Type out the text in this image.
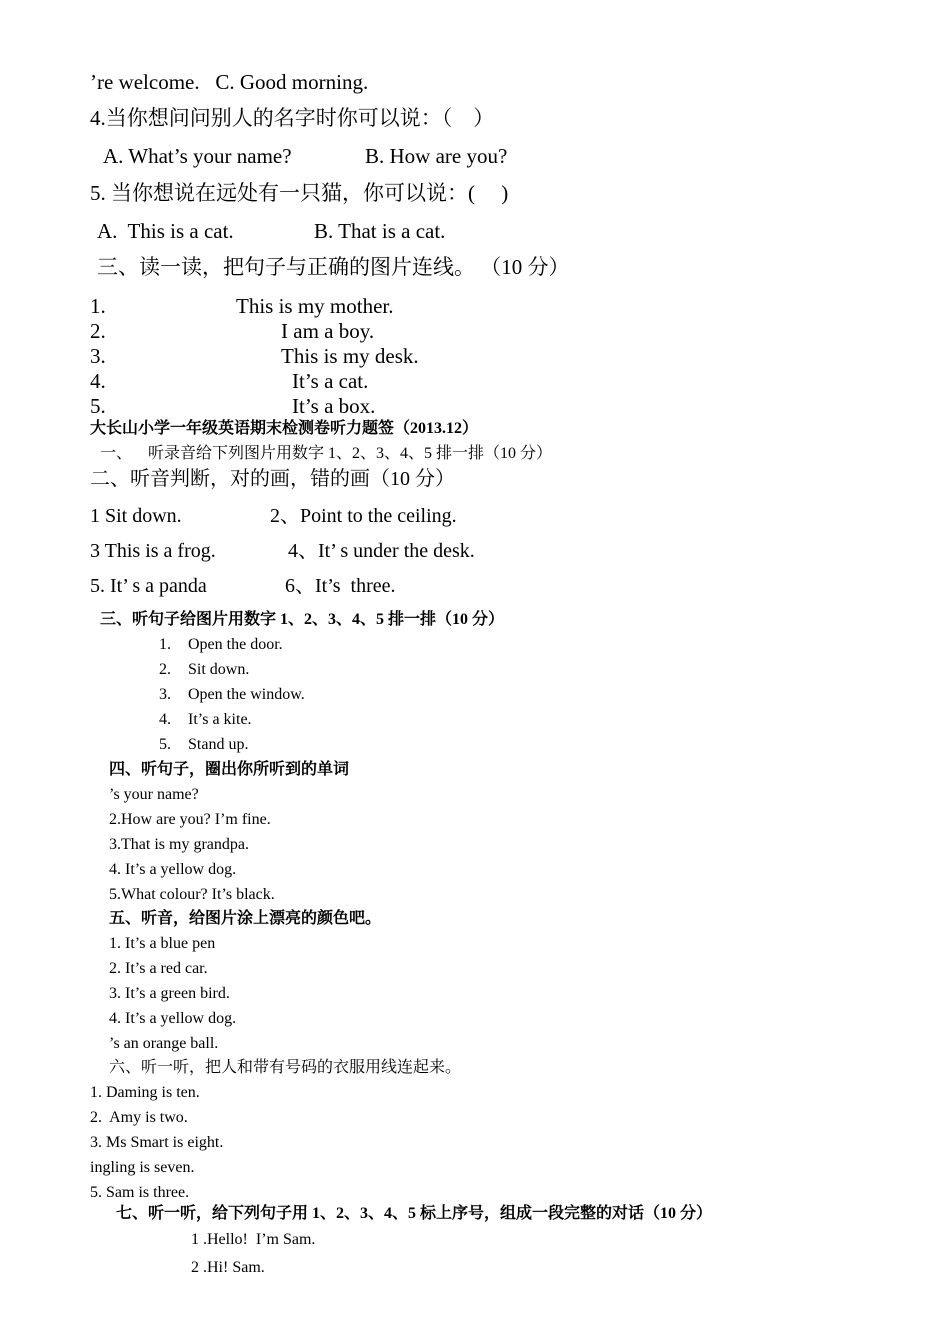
’re welcome.   C. Good morning.
4.当你想问问别人的名字时你可以说：（    ）
A. What’s your name?	B. How are you?
5. 当你想说在远处有一只猫，你可以说：(     )
A.  This is a cat.	B. That is a cat.
三、读一读，把句子与正确的图片连线。 （10 分）
1.	This is my mother.
2.	I am a boy.
3.	This is my desk.
4.	It’s a cat.
5.	It’s a box.
大长山小学一年级英语期末检测卷听力题签（2013.12）
一、    听录音给下列图片用数字 1、2、3、4、5 排一排（10 分）
二、听音判断，对的画，错的画（10 分）
1 Sit down.	2、Point to the ceiling.
3 This is a frog.	4、It’ s under the desk.
5. It’ s a panda	6、It’s  three.
三、听句子给图片用数字 1、2、3、4、5 排一排（10 分）
1. Open the door.
2. Sit down.
3. Open the window.
4. It’s a kite.
5. Stand up.
四、听句子，圈出你所听到的单词
’s your name?
2.How are you? I’m fine.
3.That is my grandpa.
4. It’s a yellow dog.
5.What colour? It’s black.
五、听音，给图片涂上漂亮的颜色吧。
1. It’s a blue pen
2. It’s a red car.
3. It’s a green bird.
4. It’s a yellow dog.
’s an orange ball.
六、听一听，把人和带有号码的衣服用线连起来。
1. Daming is ten.
2.  Amy is two.
3. Ms Smart is eight.
ingling is seven.
5. Sam is three.
七、听一听，给下列句子用 1、2、3、4、5 标上序号，组成一段完整的对话（10 分）
1 .Hello!  I’m Sam.
2 .Hi! Sam.
